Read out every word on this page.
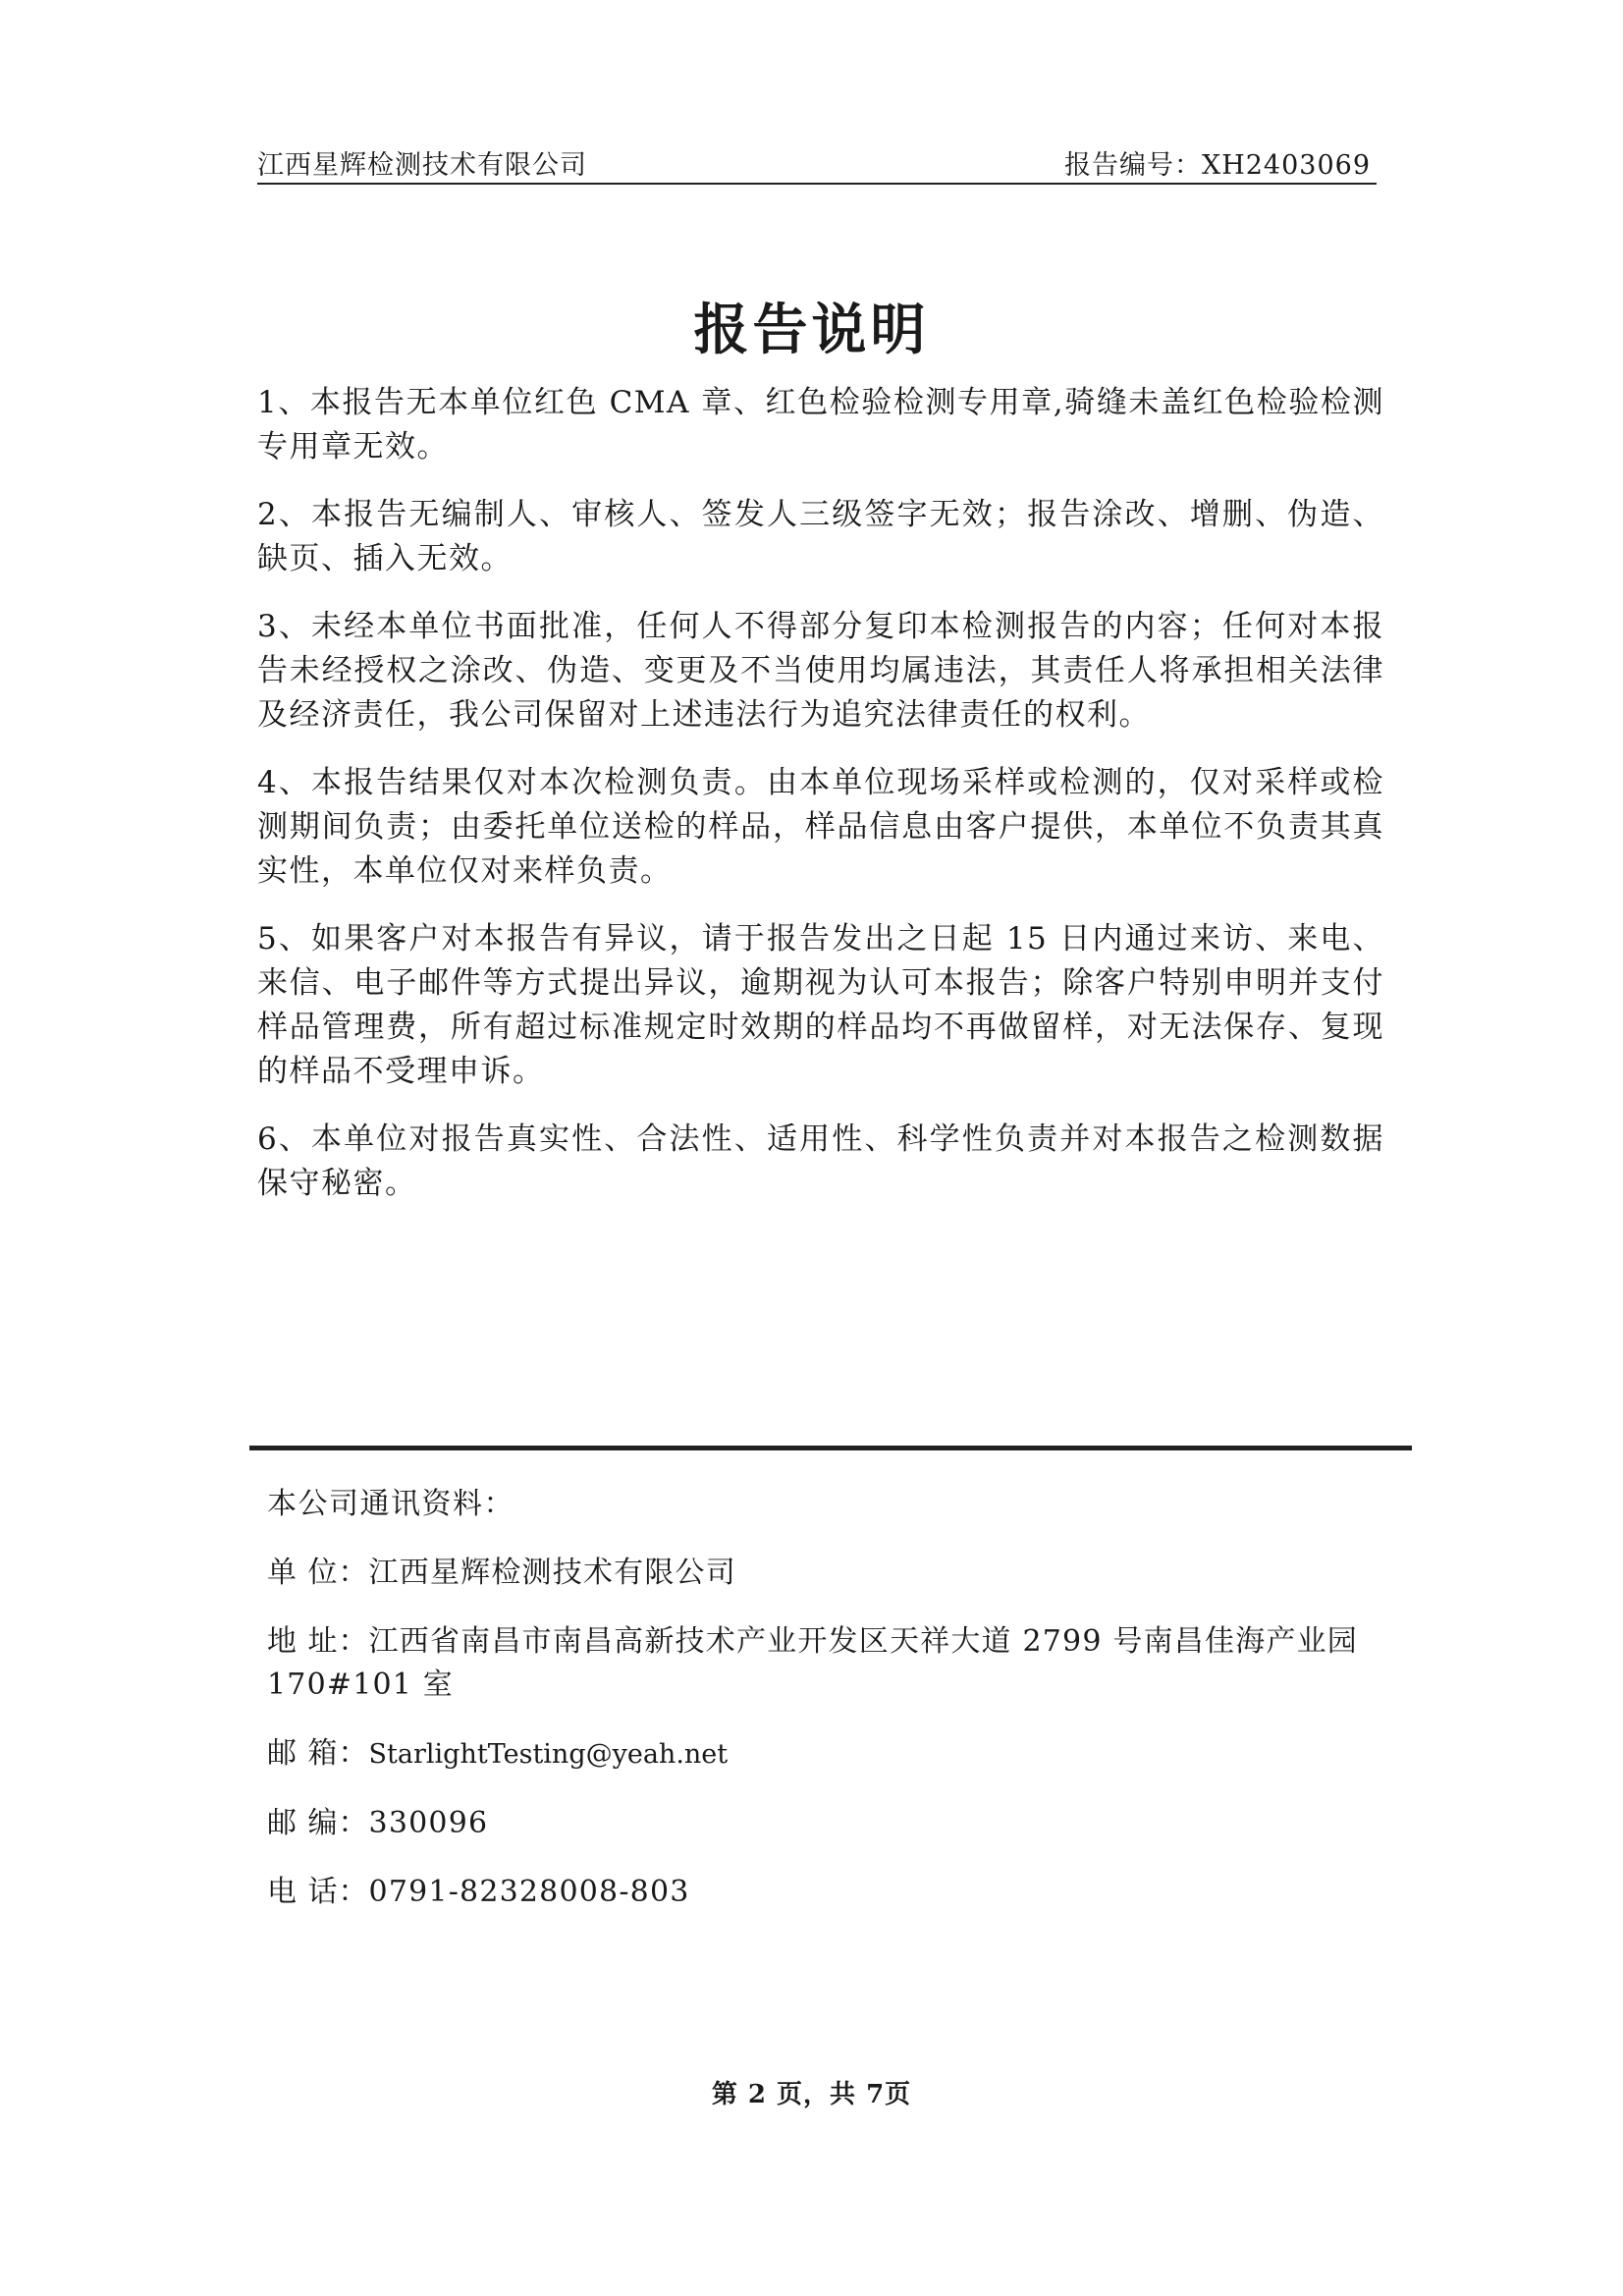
江西星辉检测技术有限公司	报告编号：XH2403069
报告说明

1、本报告无本单位红色 CMA 章、红色检验检测专用章,骑缝未盖红色检验检测专用章无效。

2、本报告无编制人、审核人、签发人三级签字无效；报告涂改、增删、伪造、缺页、插入无效。

3、未经本单位书面批准，任何人不得部分复印本检测报告的内容；任何对本报告未经授权之涂改、伪造、变更及不当使用均属违法，其责任人将承担相关法律及经济责任，我公司保留对上述违法行为追究法律责任的权利。

4、本报告结果仅对本次检测负责。由本单位现场采样或检测的，仅对采样或检测期间负责；由委托单位送检的样品，样品信息由客户提供，本单位不负责其真实性，本单位仅对来样负责。

5、如果客户对本报告有异议，请于报告发出之日起 15 日内通过来访、来电、来信、电子邮件等方式提出异议，逾期视为认可本报告；除客户特别申明并支付样品管理费，所有超过标准规定时效期的样品均不再做留样，对无法保存、复现的样品不受理申诉。

6、本单位对报告真实性、合法性、适用性、科学性负责并对本报告之检测数据保守秘密。

本公司通讯资料：
单 位：江西星辉检测技术有限公司
地 址：江西省南昌市南昌高新技术产业开发区天祥大道 2799 号南昌佳海产业园 170#101 室
邮 箱：StarlightTesting@yeah.net
邮 编：330096
电 话：0791-82328008-803
第 2 页，共 7页
